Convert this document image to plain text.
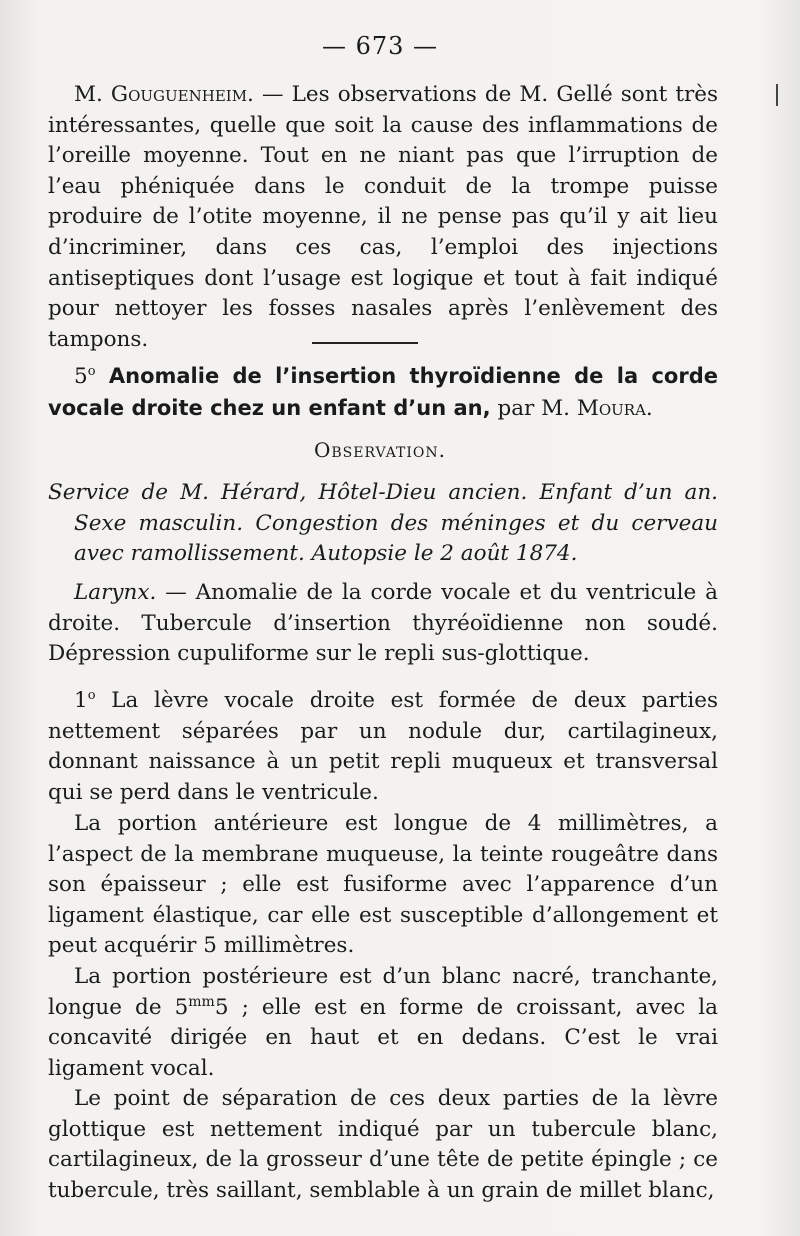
— 673 —

M. Gouguenheim. — Les observations de M. Gellé sont très intéressantes, quelle que soit la cause des inflammations de l’oreille moyenne. Tout en ne niant pas que l’irruption de l’eau phéniquée dans le conduit de la trompe puisse produire de l’otite moyenne, il ne pense pas qu’il y ait lieu d’incriminer, dans ces cas, l’emploi des injections antiseptiques dont l’usage est logique et tout à fait indiqué pour nettoyer les fosses nasales après l’enlèvement des tampons.

5$^o$ Anomalie de l’insertion thyroïdienne de la corde vocale droite chez un enfant d’un an, par M. Moura.

Observation.

Service de M. Hérard, Hôtel-Dieu ancien. Enfant d’un an. Sexe masculin. Congestion des méninges et du cerveau avec ramollissement. Autopsie le 2 août 1874.

Larynx. — Anomalie de la corde vocale et du ventricule à droite. Tubercule d’insertion thyréoïdienne non soudé. Dépression cupuliforme sur le repli sus-glottique.

1$^o$ La lèvre vocale droite est formée de deux parties nettement séparées par un nodule dur, cartilagineux, donnant naissance à un petit repli muqueux et transversal qui se perd dans le ventricule.

La portion antérieure est longue de 4 millimètres, a l’aspect de la membrane muqueuse, la teinte rougeâtre dans son épaisseur ; elle est fusiforme avec l’apparence d’un ligament élastique, car elle est susceptible d’allongement et peut acquérir 5 millimètres.

La portion postérieure est d’un blanc nacré, tranchante, longue de $5^{mm}5$ ; elle est en forme de croissant, avec la concavité dirigée en haut et en dedans. C’est le vrai ligament vocal.

Le point de séparation de ces deux parties de la lèvre glottique est nettement indiqué par un tubercule blanc, cartilagineux, de la grosseur d’une tête de petite épingle ; ce tubercule, très saillant, semblable à un grain de millet blanc,
